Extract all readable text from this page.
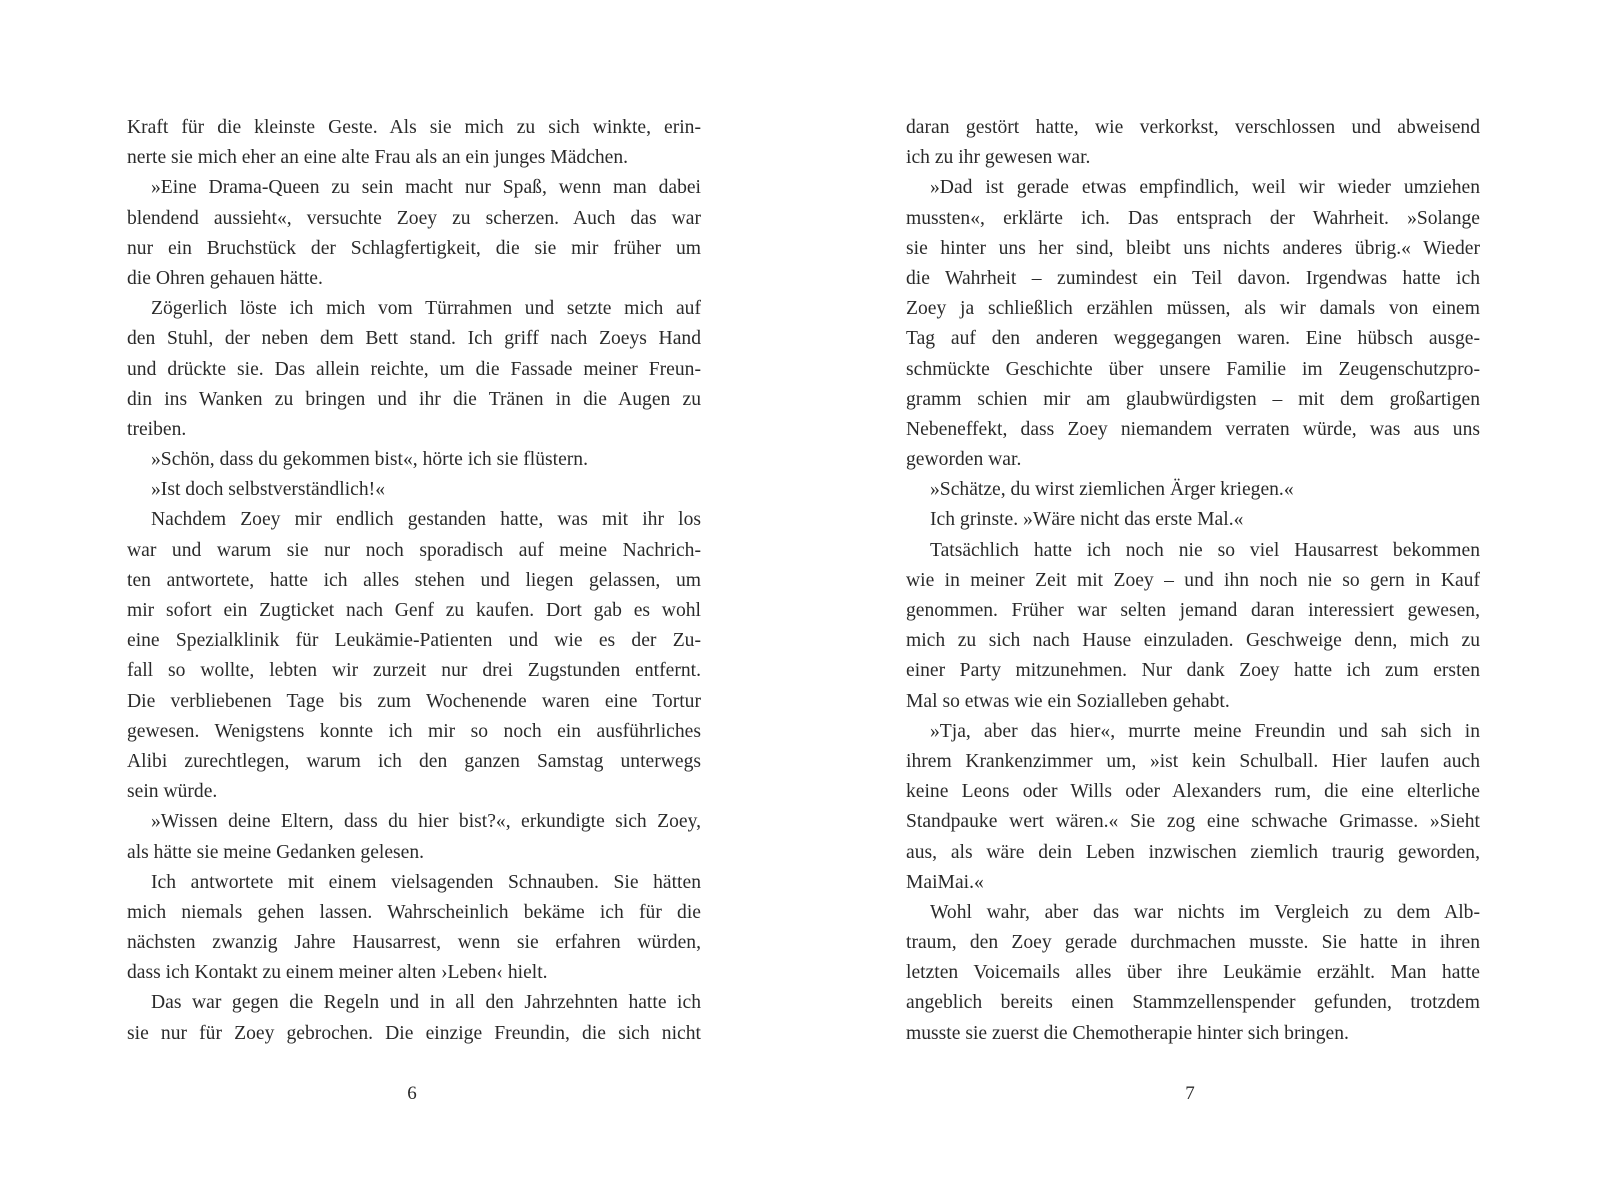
Kraft für die kleinste Geste. Als sie mich zu sich winkte, erin-
nerte sie mich eher an eine alte Frau als an ein junges Mädchen.
»Eine Drama-Queen zu sein macht nur Spaß, wenn man dabei
blendend aussieht«, versuchte Zoey zu scherzen. Auch das war
nur ein Bruchstück der Schlagfertigkeit, die sie mir früher um
die Ohren gehauen hätte.
Zögerlich löste ich mich vom Türrahmen und setzte mich auf
den Stuhl, der neben dem Bett stand. Ich griff nach Zoeys Hand
und drückte sie. Das allein reichte, um die Fassade meiner Freun-
din ins Wanken zu bringen und ihr die Tränen in die Augen zu
treiben.
»Schön, dass du gekommen bist«, hörte ich sie flüstern.
»Ist doch selbstverständlich!«
Nachdem Zoey mir endlich gestanden hatte, was mit ihr los
war und warum sie nur noch sporadisch auf meine Nachrich-
ten antwortete, hatte ich alles stehen und liegen gelassen, um
mir sofort ein Zugticket nach Genf zu kaufen. Dort gab es wohl
eine Spezialklinik für Leukämie-Patienten und wie es der Zu-
fall so wollte, lebten wir zurzeit nur drei Zugstunden entfernt.
Die verbliebenen Tage bis zum Wochenende waren eine Tortur
gewesen. Wenigstens konnte ich mir so noch ein ausführliches
Alibi zurechtlegen, warum ich den ganzen Samstag unterwegs
sein würde.
»Wissen deine Eltern, dass du hier bist?«, erkundigte sich Zoey,
als hätte sie meine Gedanken gelesen.
Ich antwortete mit einem vielsagenden Schnauben. Sie hätten
mich niemals gehen lassen. Wahrscheinlich bekäme ich für die
nächsten zwanzig Jahre Hausarrest, wenn sie erfahren würden,
dass ich Kontakt zu einem meiner alten ›Leben‹ hielt.
Das war gegen die Regeln und in all den Jahrzehnten hatte ich
sie nur für Zoey gebrochen. Die einzige Freundin, die sich nicht
6
daran gestört hatte, wie verkorkst, verschlossen und abweisend
ich zu ihr gewesen war.
»Dad ist gerade etwas empfindlich, weil wir wieder umziehen
mussten«, erklärte ich. Das entsprach der Wahrheit. »Solange
sie hinter uns her sind, bleibt uns nichts anderes übrig.« Wieder
die Wahrheit – zumindest ein Teil davon. Irgendwas hatte ich
Zoey ja schließlich erzählen müssen, als wir damals von einem
Tag auf den anderen weggegangen waren. Eine hübsch ausge-
schmückte Geschichte über unsere Familie im Zeugenschutzpro-
gramm schien mir am glaubwürdigsten – mit dem großartigen
Nebeneffekt, dass Zoey niemandem verraten würde, was aus uns
geworden war.
»Schätze, du wirst ziemlichen Ärger kriegen.«
Ich grinste. »Wäre nicht das erste Mal.«
Tatsächlich hatte ich noch nie so viel Hausarrest bekommen
wie in meiner Zeit mit Zoey – und ihn noch nie so gern in Kauf
genommen. Früher war selten jemand daran interessiert gewesen,
mich zu sich nach Hause einzuladen. Geschweige denn, mich zu
einer Party mitzunehmen. Nur dank Zoey hatte ich zum ersten
Mal so etwas wie ein Sozialleben gehabt.
»Tja, aber das hier«, murrte meine Freundin und sah sich in
ihrem Krankenzimmer um, »ist kein Schulball. Hier laufen auch
keine Leons oder Wills oder Alexanders rum, die eine elterliche
Standpauke wert wären.« Sie zog eine schwache Grimasse. »Sieht
aus, als wäre dein Leben inzwischen ziemlich traurig geworden,
MaiMai.«
Wohl wahr, aber das war nichts im Vergleich zu dem Alb-
traum, den Zoey gerade durchmachen musste. Sie hatte in ihren
letzten Voicemails alles über ihre Leukämie erzählt. Man hatte
angeblich bereits einen Stammzellenspender gefunden, trotzdem
musste sie zuerst die Chemotherapie hinter sich bringen.
7
